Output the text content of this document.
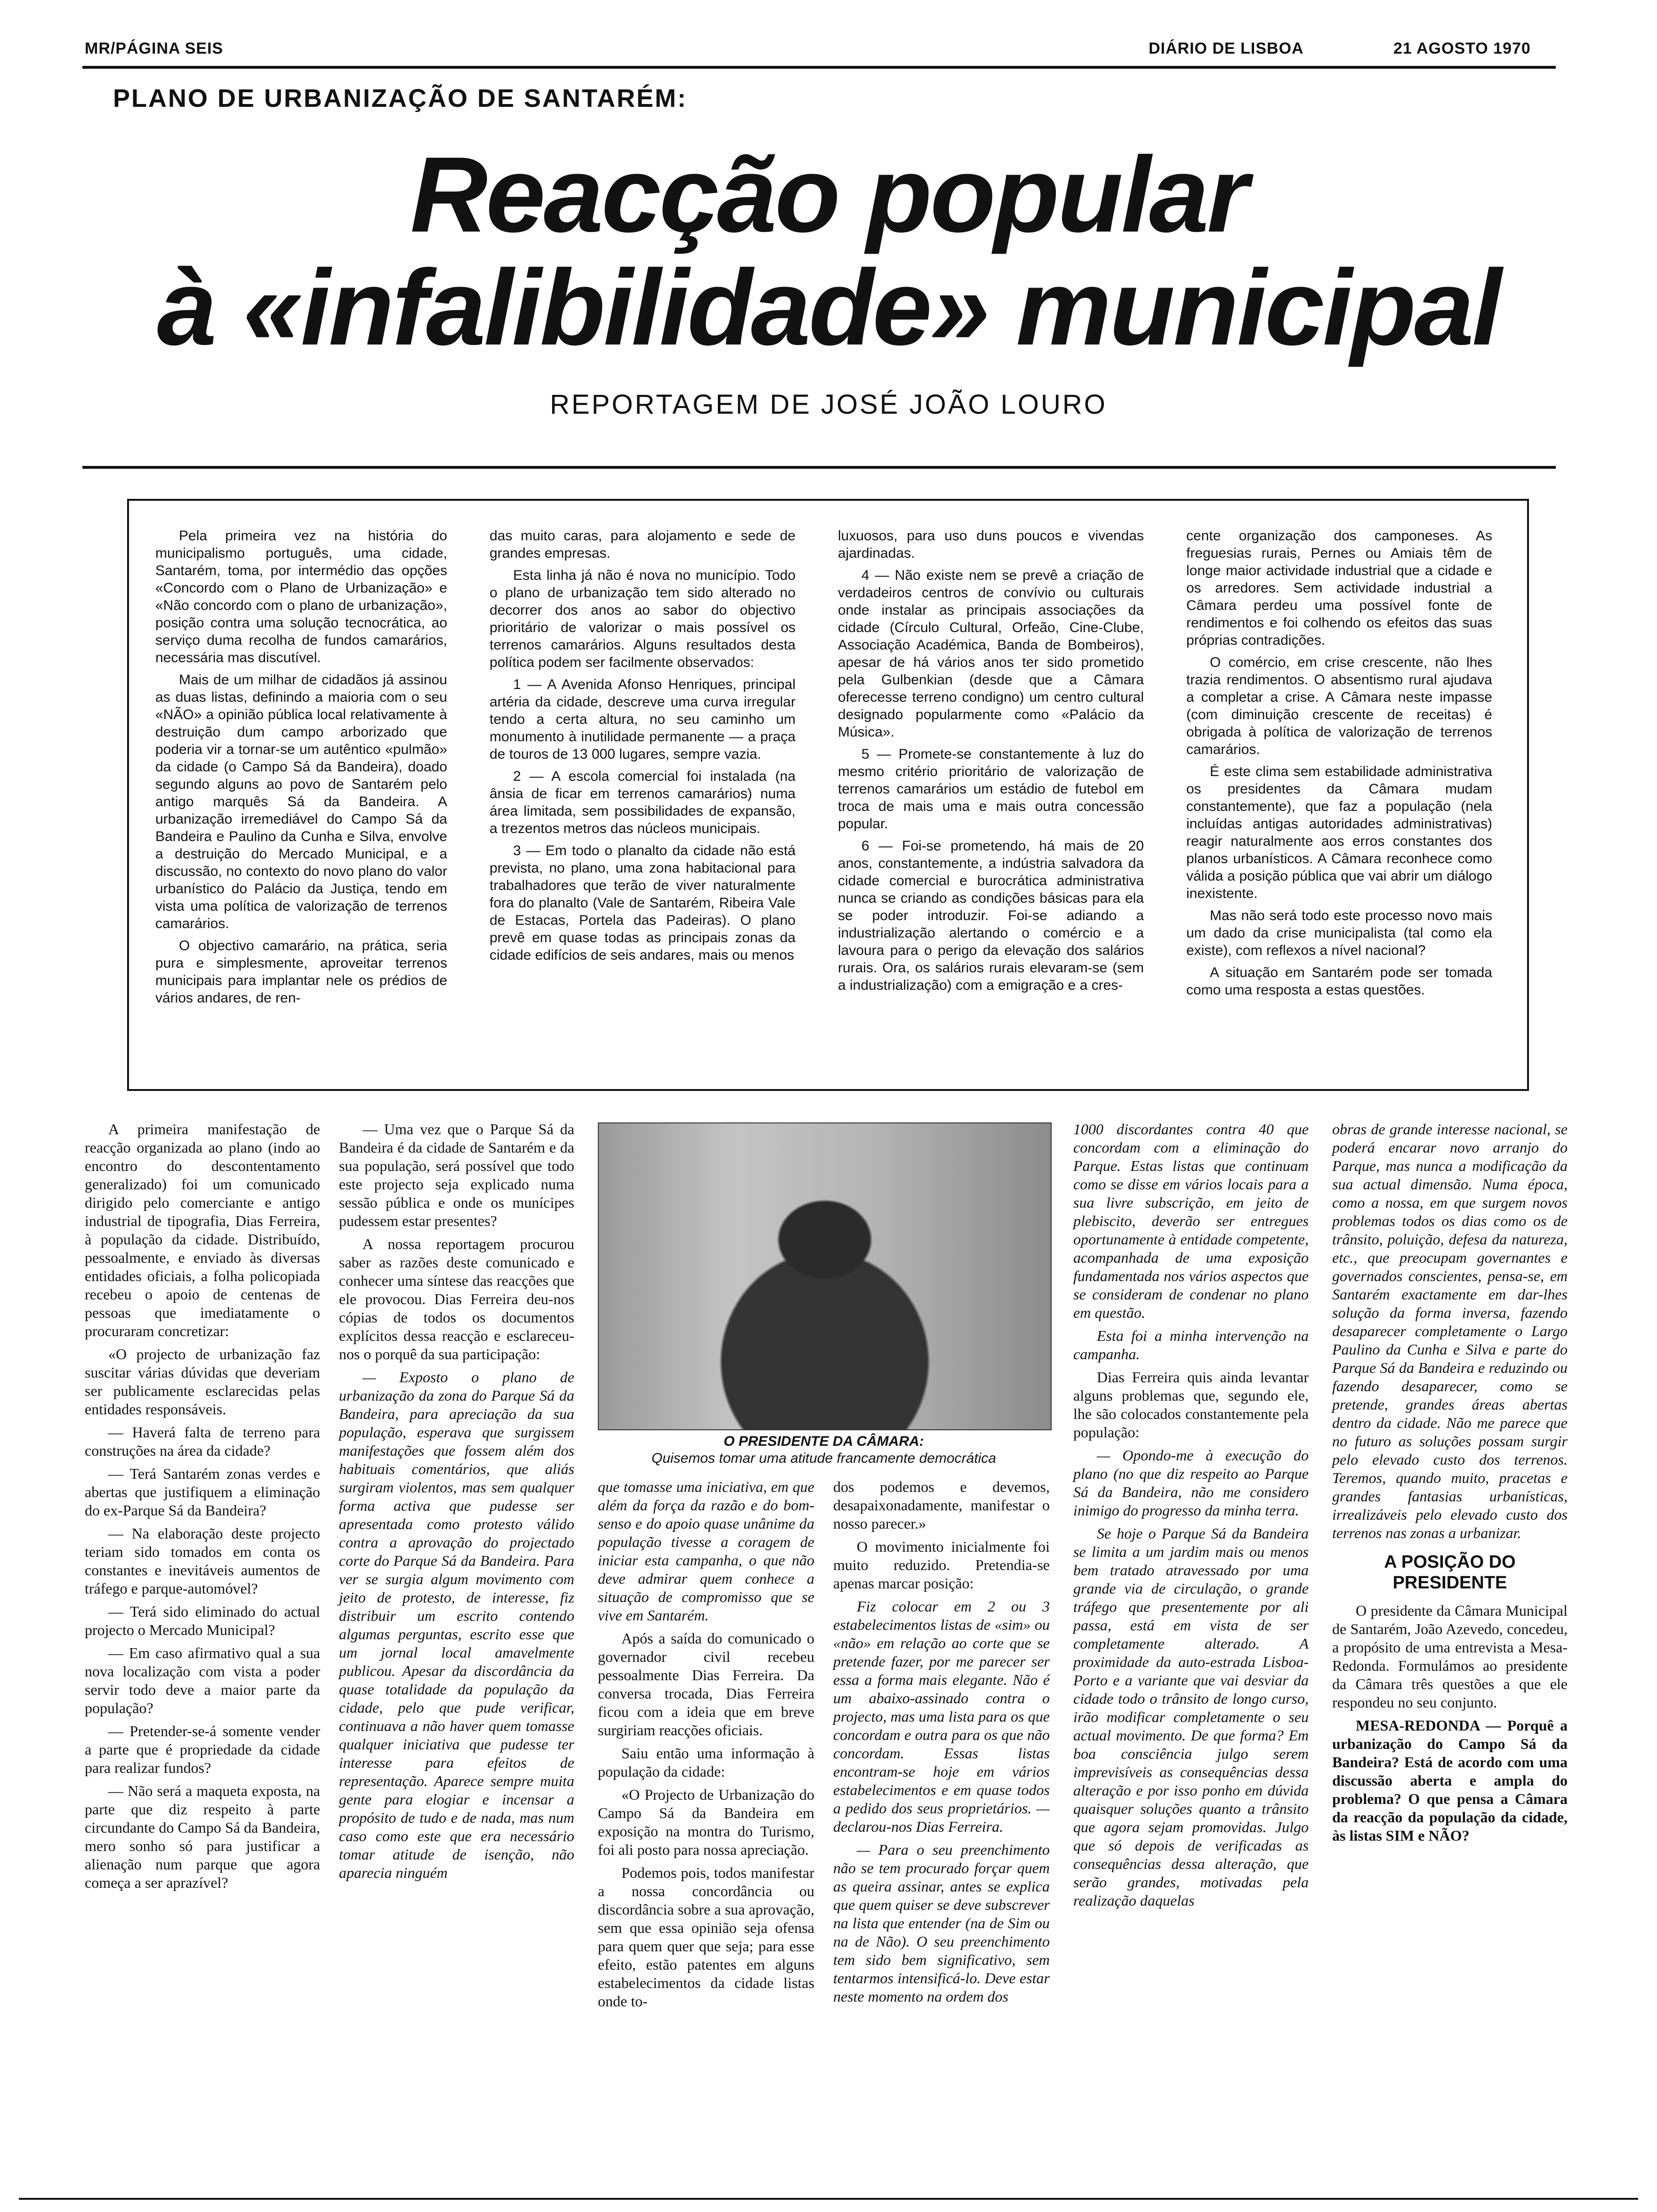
MR/PÁGINA SEIS	DIÁRIO DE LISBOA	21 AGOSTO 1970
PLANO DE URBANIZAÇÃO DE SANTARÉM:
Reacção popular
à «infalibilidade» municipal
REPORTAGEM DE JOSÉ JOÃO LOURO

Pela primeira vez na história do municipalismo português, uma cidade, Santarém, toma, por intermédio das opções «Concordo com o Plano de Urbanização» e «Não concordo com o plano de urbanização», posição contra uma solução tecnocrática, ao serviço duma recolha de fundos camarários, necessária mas discutível.

Mais de um milhar de cidadãos já assinou as duas listas, definindo a maioria com o seu «NÃO» a opinião pública local relativamente à destruição dum campo arborizado que poderia vir a tornar-se um autêntico «pulmão» da cidade (o Campo Sá da Bandeira), doado segundo alguns ao povo de Santarém pelo antigo marquês Sá da Bandeira. A urbanização irremediável do Campo Sá da Bandeira e Paulino da Cunha e Silva, envolve a destruição do Mercado Municipal, e a discussão, no contexto do novo plano do valor urbanístico do Palácio da Justiça, tendo em vista uma política de valorização de terrenos camarários.

O objectivo camarário, na prática, seria pura e simplesmente, aproveitar terrenos municipais para implantar nele os prédios de vários andares, de ren-

das muito caras, para alojamento e sede de grandes empresas.

Esta linha já não é nova no município. Todo o plano de urbanização tem sido alterado no decorrer dos anos ao sabor do objectivo prioritário de valorizar o mais possível os terrenos camarários. Alguns resultados desta política podem ser facilmente observados:

1 — A Avenida Afonso Henriques, principal artéria da cidade, descreve uma curva irregular tendo a certa altura, no seu caminho um monumento à inutilidade permanente — a praça de touros de 13 000 lugares, sempre vazia.

2 — A escola comercial foi instalada (na ânsia de ficar em terrenos camarários) numa área limitada, sem possibilidades de expansão, a trezentos metros das núcleos municipais.

3 — Em todo o planalto da cidade não está prevista, no plano, uma zona habitacional para trabalhadores que terão de viver naturalmente fora do planalto (Vale de Santarém, Ribeira Vale de Estacas, Portela das Padeiras). O plano prevê em quase todas as principais zonas da cidade edifícios de seis andares, mais ou menos

luxuosos, para uso duns poucos e vivendas ajardinadas.

4 — Não existe nem se prevê a criação de verdadeiros centros de convívio ou culturais onde instalar as principais associações da cidade (Círculo Cultural, Orfeão, Cine-Clube, Associação Académica, Banda de Bombeiros), apesar de há vários anos ter sido prometido pela Gulbenkian (desde que a Câmara oferecesse terreno condigno) um centro cultural designado popularmente como «Palácio da Música».

5 — Promete-se constantemente à luz do mesmo critério prioritário de valorização de terrenos camarários um estádio de futebol em troca de mais uma e mais outra concessão popular.

6 — Foi-se prometendo, há mais de 20 anos, constantemente, a indústria salvadora da cidade comercial e burocrática administrativa nunca se criando as condições básicas para ela se poder introduzir. Foi-se adiando a industrialização alertando o comércio e a lavoura para o perigo da elevação dos salários rurais. Ora, os salários rurais elevaram-se (sem a industrialização) com a emigração e a cres-

cente organização dos camponeses. As freguesias rurais, Pernes ou Amiais têm de longe maior actividade industrial que a cidade e os arredores. Sem actividade industrial a Câmara perdeu uma possível fonte de rendimentos e foi colhendo os efeitos das suas próprias contradições.

O comércio, em crise crescente, não lhes trazia rendimentos. O absentismo rural ajudava a completar a crise. A Câmara neste impasse (com diminuição crescente de receitas) é obrigada à política de valorização de terrenos camarários.

É este clima sem estabilidade administrativa os presidentes da Câmara mudam constantemente), que faz a população (nela incluídas antigas autoridades administrativas) reagir naturalmente aos erros constantes dos planos urbanísticos. A Câmara reconhece como válida a posição pública que vai abrir um diálogo inexistente.

Mas não será todo este processo novo mais um dado da crise municipalista (tal como ela existe), com reflexos a nível nacional?

A situação em Santarém pode ser tomada como uma resposta a estas questões.

A primeira manifestação de reacção organizada ao plano (indo ao encontro do descontentamento generalizado) foi um comunicado dirigido pelo comerciante e antigo industrial de tipografia, Dias Ferreira, à população da cidade. Distribuído, pessoalmente, e enviado às diversas entidades oficiais, a folha policopiada recebeu o apoio de centenas de pessoas que imediatamente o procuraram concretizar:

«O projecto de urbanização faz suscitar várias dúvidas que deveriam ser publicamente esclarecidas pelas entidades responsáveis.

— Haverá falta de terreno para construções na área da cidade?

— Terá Santarém zonas verdes e abertas que justifiquem a eliminação do ex-Parque Sá da Bandeira?

— Na elaboração deste projecto teriam sido tomados em conta os constantes e inevitáveis aumentos de tráfego e parque-automóvel?

— Terá sido eliminado do actual projecto o Mercado Municipal?

— Em caso afirmativo qual a sua nova localização com vista a poder servir todo deve a maior parte da população?

— Pretender-se-á somente vender a parte que é propriedade da cidade para realizar fundos?

— Não será a maqueta exposta, na parte que diz respeito à parte circundante do Campo Sá da Bandeira, mero sonho só para justificar a alienação num parque que agora começa a ser aprazível?

— Uma vez que o Parque Sá da Bandeira é da cidade de Santarém e da sua população, será possível que todo este projecto seja explicado numa sessão pública e onde os munícipes pudessem estar presentes?

A nossa reportagem procurou saber as razões deste comunicado e conhecer uma síntese das reacções que ele provocou. Dias Ferreira deu-nos cópias de todos os documentos explícitos dessa reacção e esclareceu-nos o porquê da sua participação:

— Exposto o plano de urbanização da zona do Parque Sá da Bandeira, para apreciação da sua população, esperava que surgissem manifestações que fossem além dos habituais comentários, que aliás surgiram violentos, mas sem qualquer forma activa que pudesse ser apresentada como protesto válido contra a aprovação do projectado corte do Parque Sá da Bandeira. Para ver se surgia algum movimento com jeito de protesto, de interesse, fiz distribuir um escrito contendo algumas perguntas, escrito esse que um jornal local amavelmente publicou. Apesar da discordância da quase totalidade da população da cidade, pelo que pude verificar, continuava a não haver quem tomasse qualquer iniciativa que pudesse ter interesse para efeitos de representação. Aparece sempre muita gente para elogiar e incensar a propósito de tudo e de nada, mas num caso como este que era necessário tomar atitude de isenção, não aparecia ninguém

O PRESIDENTE DA CÂMARA:
Quisemos tomar uma atitude francamente democrática

que tomasse uma iniciativa, em que além da força da razão e do bom-senso e do apoio quase unânime da população tivesse a coragem de iniciar esta campanha, o que não deve admirar quem conhece a situação de compromisso que se vive em Santarém.

Após a saída do comunicado o governador civil recebeu pessoalmente Dias Ferreira. Da conversa trocada, Dias Ferreira ficou com a ideia que em breve surgiriam reacções oficiais.

Saiu então uma informação à população da cidade:

«O Projecto de Urbanização do Campo Sá da Bandeira em exposição na montra do Turismo, foi ali posto para nossa apreciação.

Podemos pois, todos manifestar a nossa concordância ou discordância sobre a sua aprovação, sem que essa opinião seja ofensa para quem quer que seja; para esse efeito, estão patentes em alguns estabelecimentos da cidade listas onde to-

dos podemos e devemos, desapaixonadamente, manifestar o nosso parecer.»

O movimento inicialmente foi muito reduzido. Pretendia-se apenas marcar posição:

Fiz colocar em 2 ou 3 estabelecimentos listas de «sim» ou «não» em relação ao corte que se pretende fazer, por me parecer ser essa a forma mais elegante. Não é um abaixo-assinado contra o projecto, mas uma lista para os que concordam e outra para os que não concordam. Essas listas encontram-se hoje em vários estabelecimentos e em quase todos a pedido dos seus proprietários. — declarou-nos Dias Ferreira.

— Para o seu preenchimento não se tem procurado forçar quem as queira assinar, antes se explica que quem quiser se deve subscrever na lista que entender (na de Sim ou na de Não). O seu preenchimento tem sido bem significativo, sem tentarmos intensificá-lo. Deve estar neste momento na ordem dos

1000 discordantes contra 40 que concordam com a eliminação do Parque. Estas listas que continuam como se disse em vários locais para a sua livre subscrição, em jeito de plebiscito, deverão ser entregues oportunamente à entidade competente, acompanhada de uma exposição fundamentada nos vários aspectos que se consideram de condenar no plano em questão.

Esta foi a minha intervenção na campanha.

Dias Ferreira quis ainda levantar alguns problemas que, segundo ele, lhe são colocados constantemente pela população:

— Opondo-me à execução do plano (no que diz respeito ao Parque Sá da Bandeira, não me considero inimigo do progresso da minha terra.

Se hoje o Parque Sá da Bandeira se limita a um jardim mais ou menos bem tratado atravessado por uma grande via de circulação, o grande tráfego que presentemente por ali passa, está em vista de ser completamente alterado. A proximidade da auto-estrada Lisboa-Porto e a variante que vai desviar da cidade todo o trânsito de longo curso, irão modificar completamente o seu actual movimento. De que forma? Em boa consciência julgo serem imprevisíveis as consequências dessa alteração e por isso ponho em dúvida quaisquer soluções quanto a trânsito que agora sejam promovidas. Julgo que só depois de verificadas as consequências dessa alteração, que serão grandes, motivadas pela realização daquelas

obras de grande interesse nacional, se poderá encarar novo arranjo do Parque, mas nunca a modificação da sua actual dimensão. Numa época, como a nossa, em que surgem novos problemas todos os dias como os de trânsito, poluição, defesa da natureza, etc., que preocupam governantes e governados conscientes, pensa-se, em Santarém exactamente em dar-lhes solução da forma inversa, fazendo desaparecer completamente o Largo Paulino da Cunha e Silva e parte do Parque Sá da Bandeira e reduzindo ou fazendo desaparecer, como se pretende, grandes áreas abertas dentro da cidade. Não me parece que no futuro as soluções possam surgir pelo elevado custo dos terrenos. Teremos, quando muito, pracetas e grandes fantasias urbanísticas, irrealizáveis pelo elevado custo dos terrenos nas zonas a urbanizar.

A POSIÇÃO DO PRESIDENTE

O presidente da Câmara Municipal de Santarém, João Azevedo, concedeu, a propósito de uma entrevista a Mesa-Redonda. Formulámos ao presidente da Câmara três questões a que ele respondeu no seu conjunto.

MESA-REDONDA — Porquê a urbanização do Campo Sá da Bandeira? Está de acordo com uma discussão aberta e ampla do problema? O que pensa a Câmara da reacção da população da cidade, às listas SIM e NÃO?
